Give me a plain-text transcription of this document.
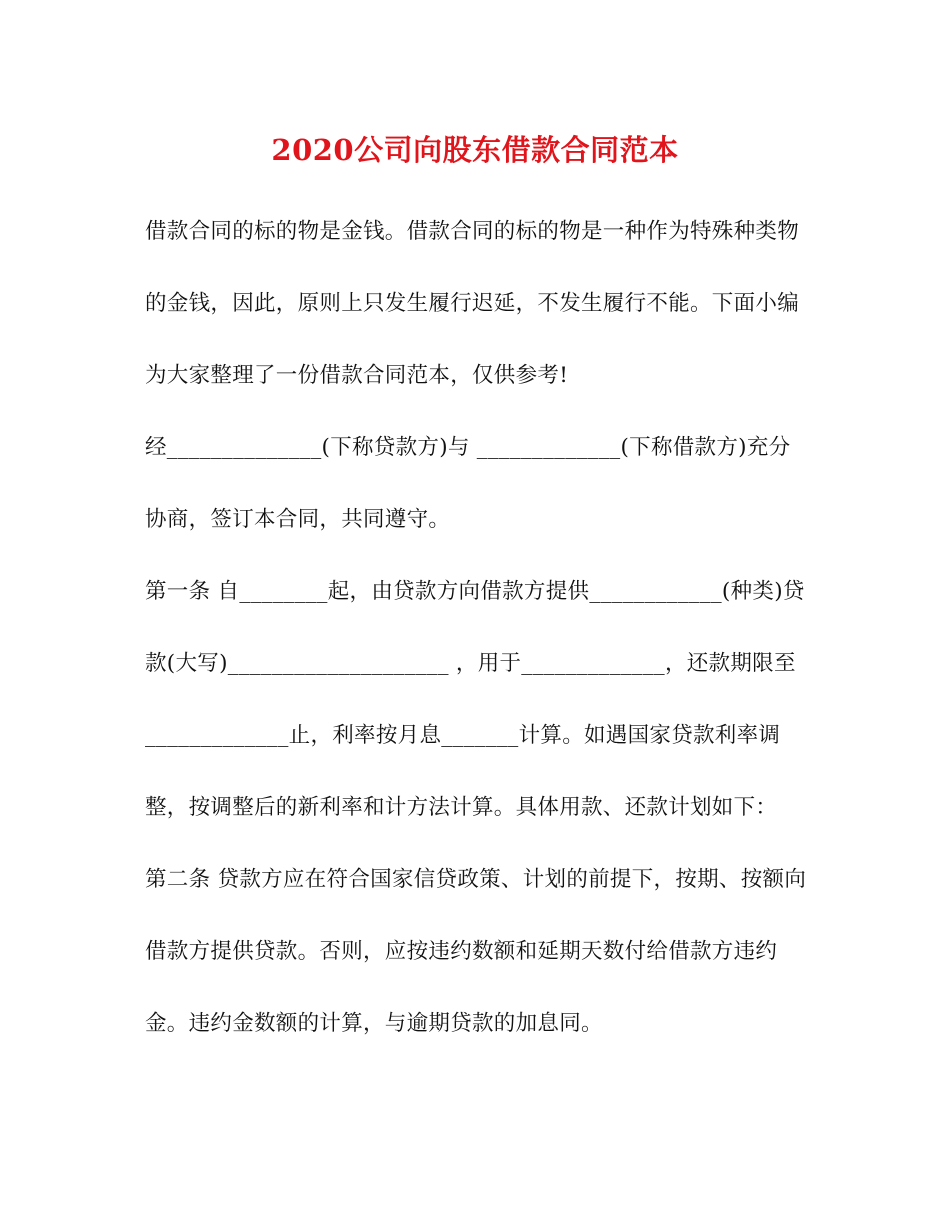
2020公司向股东借款合同范本
借款合同的标的物是金钱。借款合同的标的物是一种作为特殊种类物
的金钱，因此，原则上只发生履行迟延，不发生履行不能。下面小编
为大家整理了一份借款合同范本，仅供参考!
经______________(下称贷款方)与 _____________(下称借款方)充分
协商，签订本合同，共同遵守。
第一条 自________起，由贷款方向借款方提供____________(种类)贷
款(大写)____________________ ，用于_____________，还款期限至
_____________止，利率按月息_______计算。如遇国家贷款利率调
整，按调整后的新利率和计方法计算。具体用款、还款计划如下：
第二条 贷款方应在符合国家信贷政策、计划的前提下，按期、按额向
借款方提供贷款。否则，应按违约数额和延期天数付给借款方违约
金。违约金数额的计算，与逾期贷款的加息同。
